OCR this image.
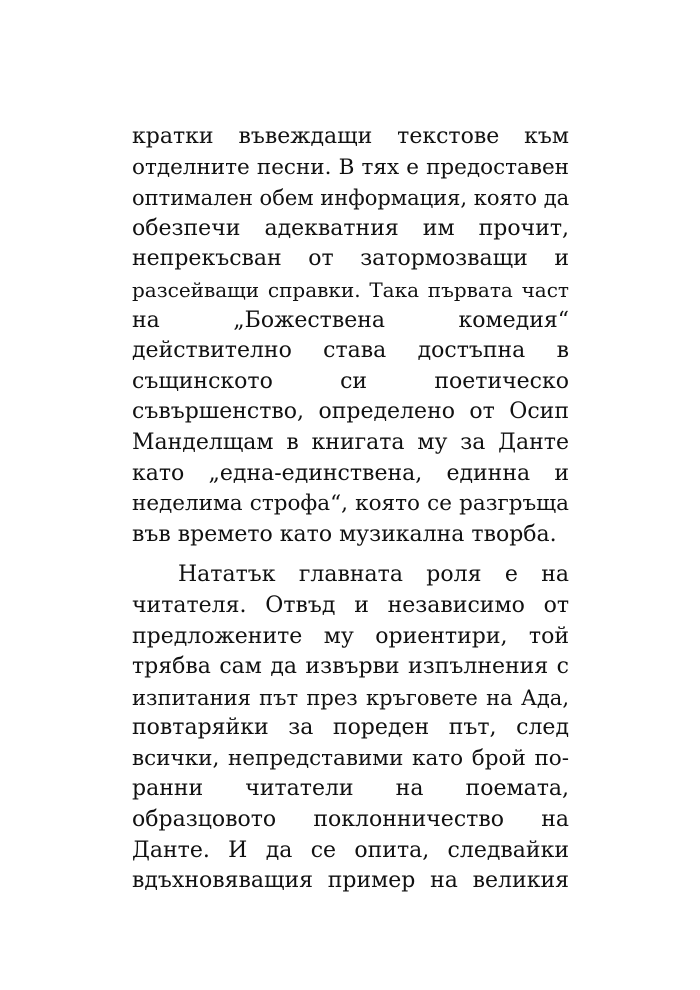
кратки въвеждащи текстове към
отделните песни. В тях е предоставен
оптимален обем информация, която да
обезпечи адекватния им прочит,
непрекъсван от затормозващи и
разсейващи справки. Така първата част
на „Божествена комедия“
действително става достъпна в
същинското си поетическо
съвършенство, определено от Осип
Манделщам в книгата му за Данте
като „една-единствена, единна и
неделима строфа“, която се разгръща
във времето като музикална творба.
Нататък главната роля е на
читателя. Отвъд и независимо от
предложените му ориентири, той
трябва сам да извърви изпълнения с
изпитания път през кръговете на Ада,
повтаряйки за пореден път, след
всички, непредставими като брой по-
ранни читатели на поемата,
образцовото поклонничество на
Данте. И да се опита, следвайки
вдъхновяващия пример на великия
